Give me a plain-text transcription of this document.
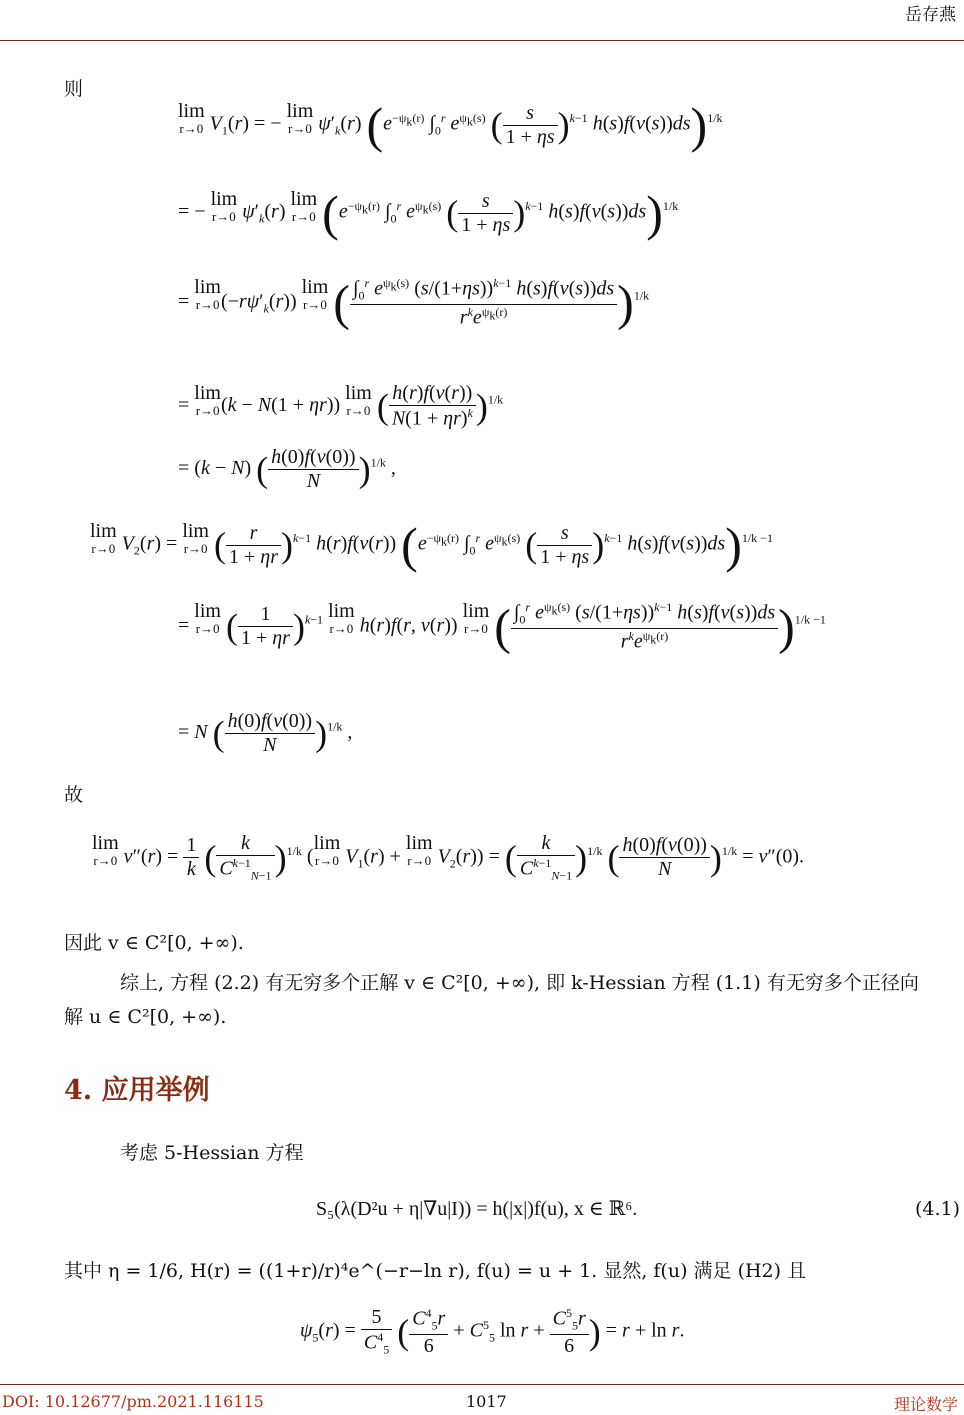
岳存燕
则
lim
r→0 $V_1(r)$ = − lim
r→0 $\psi'_k(r)$ ($e^{-\psi_k(r)}$ $\int_0^r$ $e^{\psi_k(s)}$ ( $\frac{s}{1 + \eta s} )^{k-1}$ h(s)f(v(s))ds)$^{1/k}$
= − lim
r→0 $\psi'_k(r)$ lim
r→0 ($e^{-\psi_k(r)}$ $\int_0^r$ $e^{\psi_k(s)}$ ( $\frac{s}{1 + \eta s} )^{k-1}$ h(s)f(v(s))ds)$^{1/k}$
= lim
r→0 $(-r\psi'_k(r))$ lim
r→0 ( $\frac{\int_0^r e^{\psi_k(s)} (s/(1+\eta s))^{k-1} h(s)f(v(s))ds}{r^ke^{\psi_k(r)}} )^{1/k}$
= lim
r→0 (k − N(1 + ηr)) lim
r→0 ( $\frac{h(r)f(v(r))}{N(1 + \eta r)^k} )^{1/k}$
= (k − N) ( $\frac{h(0)f(v(0))}{N} )^{1/k}$ ,
lim
r→0 $V_2(r) = \lim$
r→0 ( $\frac{r}{1 + \eta r} )^{k-1}$ h(r)f(v(r)) ($e^{-\psi_k(r)}$ $\int_0^r$ $e^{\psi_k(s)}$ ( $\frac{s}{1 + \eta s} )^{k-1}$ h(s)f(v(s))ds)$^{1/k -1}$
= lim
r→0 ( $\frac{1}{1 + \eta r} )^{k-1}$ lim
r→0 h(r)f(r, v(r)) lim
r→0 ( $\frac{\int_0^r e^{\psi_k(s)} (s/(1+\eta s))^{k-1} h(s)f(v(s))ds}{r^ke^{\psi_k(r)}} )^{1/k -1}$
= N ( $\frac{h(0)f(v(0))}{N} )^{1/k}$ ,
故
lim
r→0 $v''(r) = \frac{1}{k}$ ( $\frac{k}{C^{k-1}_{N-1}} )^{1/k}$ (lim
r→0 $V_1(r) + \lim$
r→0 $V_2(r)$) = ( $\frac{k}{C^{k-1}_{N-1}} )^{1/k}$ ( $\frac{h(0)f(v(0))}{N} )^{1/k} = v''(0)$.
因此 v ∈ C²[0, +∞).
综上, 方程 (2.2) 有无穷多个正解 v ∈ C²[0, +∞), 即 k-Hessian 方程 (1.1) 有无穷多个正径向
解 u ∈ C²[0, +∞).
4. 应用举例
考虑 5-Hessian 方程
S₅(λ(D²u + η|∇u|I)) = h(|x|)f(u), x ∈ ℝ⁶.	(4.1)
其中 η = 1/6, H(r) = ((1+r)/r)⁴e^(−r−ln r), f(u) = u + 1. 显然, f(u) 满足 (H2) 且
$\psi_5(r) = \frac{5}{C^4_5}$ ( $\frac{C^4_5r}{6} + C^5_5$ $\ln r + \frac{C^5_5r}{6}$ ) = r + ln r.
DOI: 10.12677/pm.2021.116115	1017	理论数学
